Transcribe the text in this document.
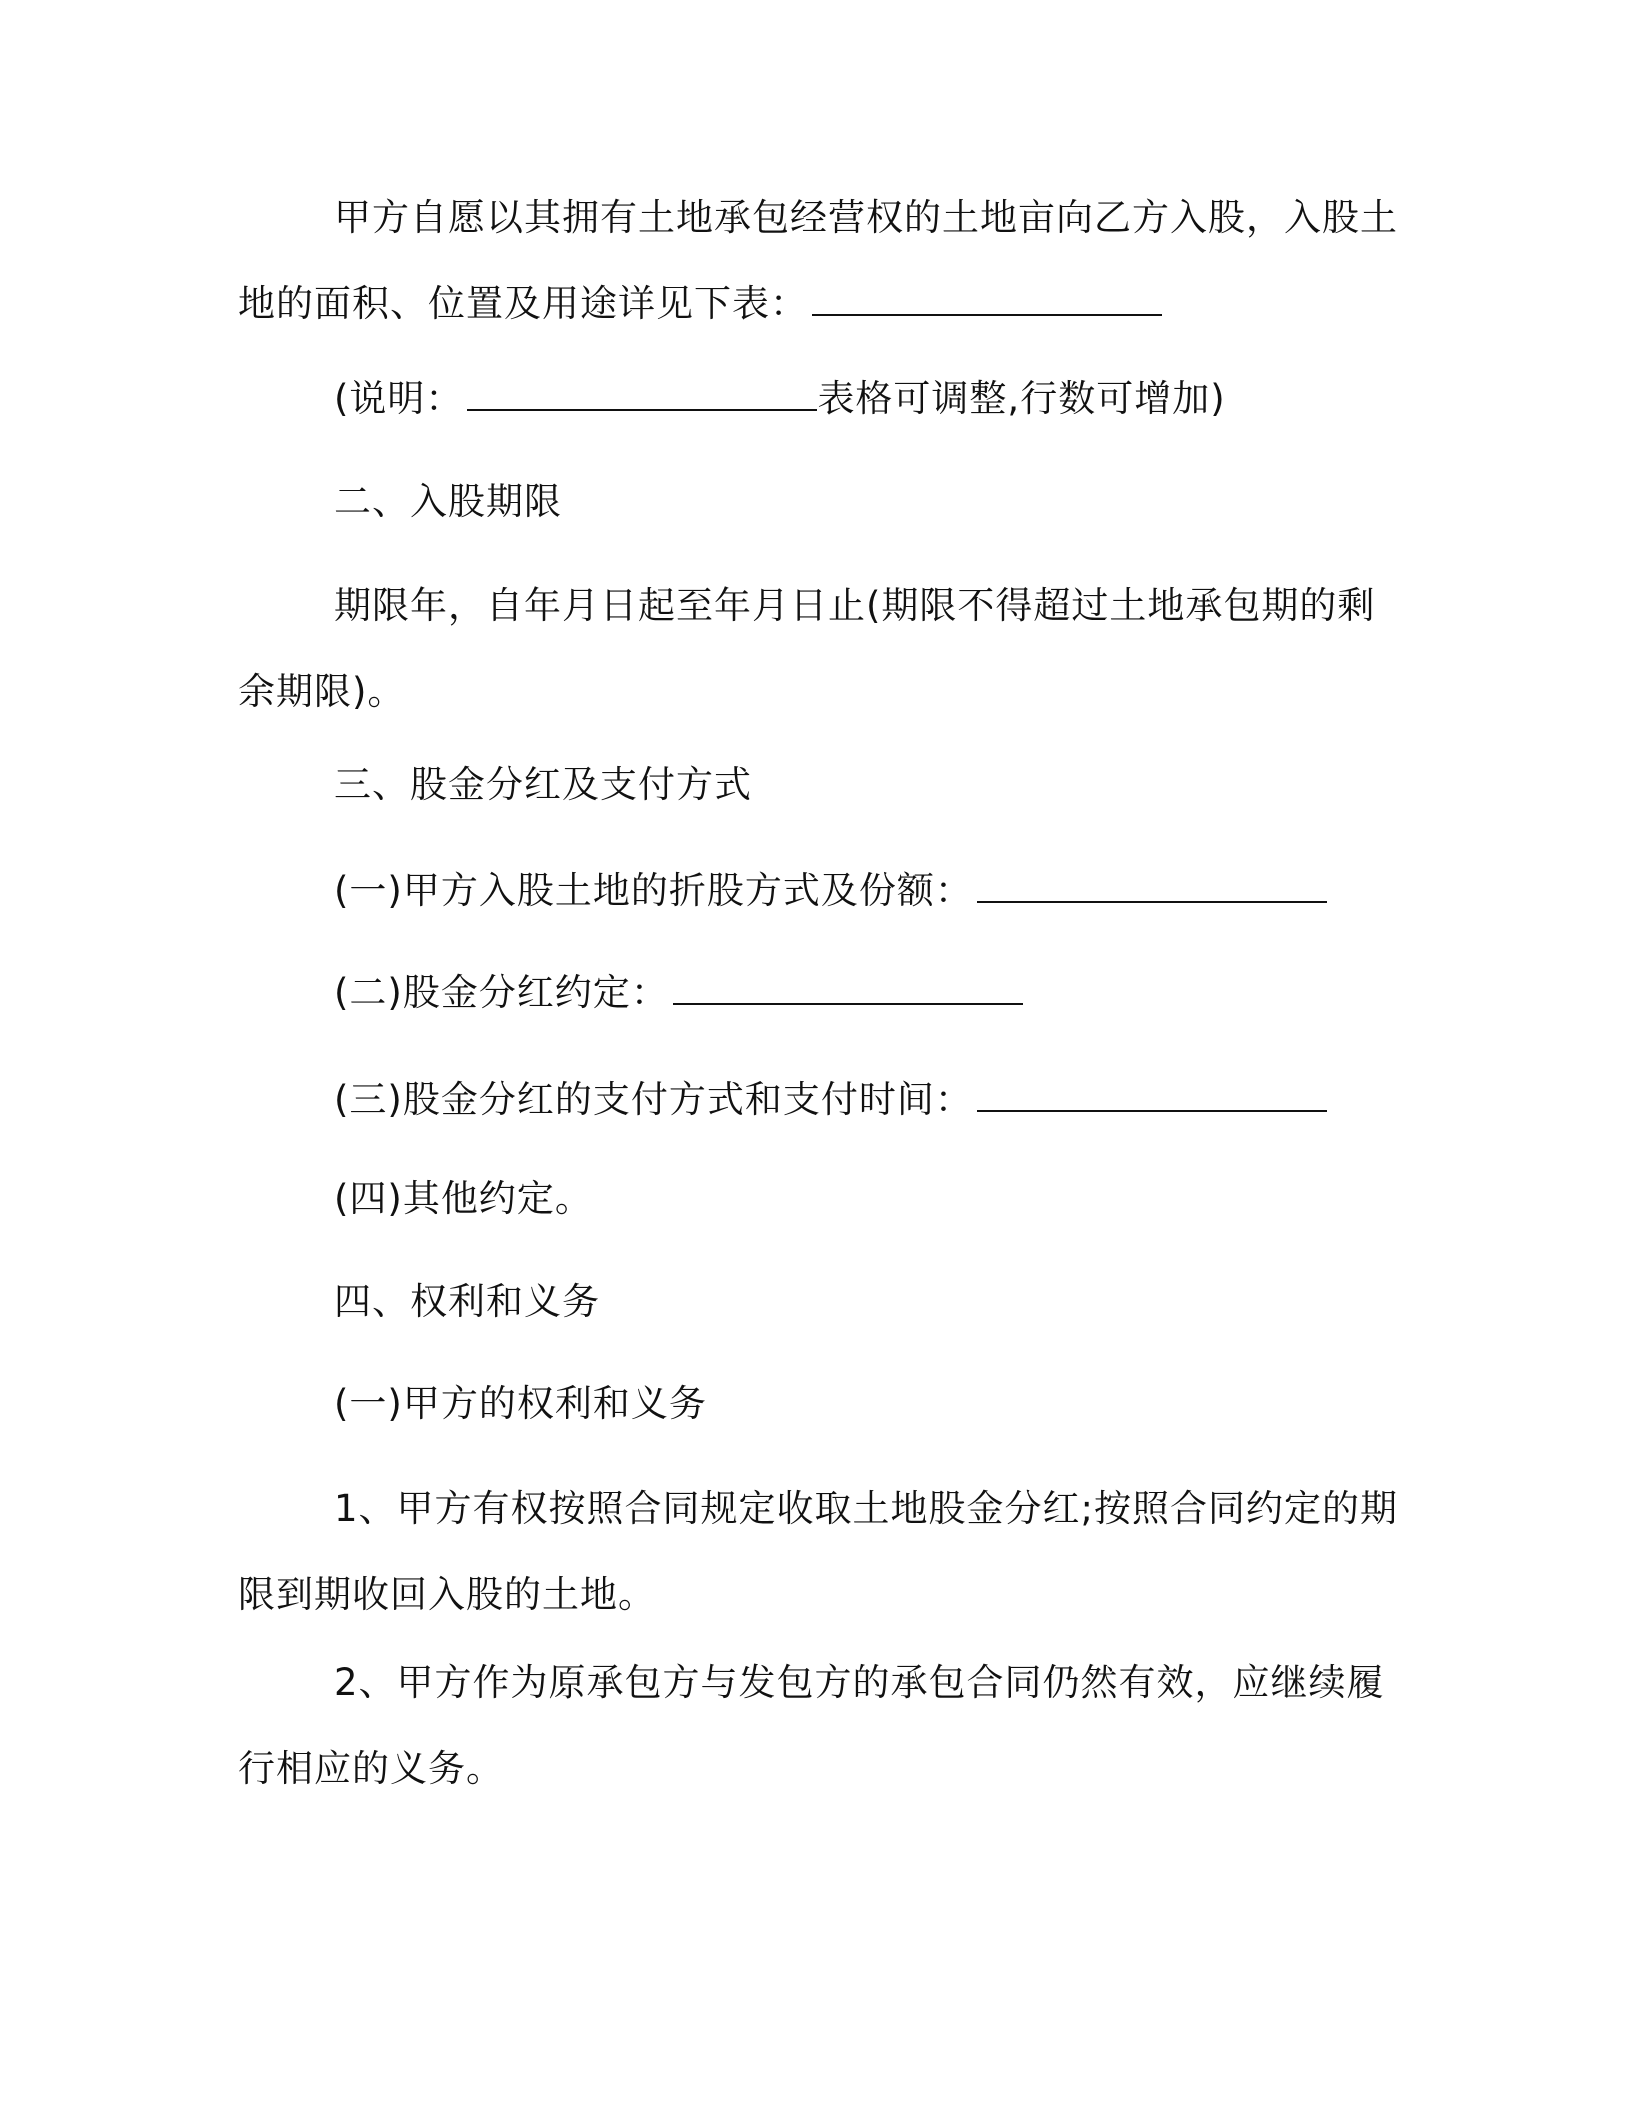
甲方自愿以其拥有土地承包经营权的土地亩向乙方入股，入股土地的面积、位置及用途详见下表：

(说明：	表格可调整,行数可增加)

二、入股期限

期限年，自年月日起至年月日止(期限不得超过土地承包期的剩余期限)。

三、股金分红及支付方式

(一)甲方入股土地的折股方式及份额：

(二)股金分红约定：

(三)股金分红的支付方式和支付时间：

(四)其他约定。

四、权利和义务

(一)甲方的权利和义务

1、甲方有权按照合同规定收取土地股金分红;按照合同约定的期限到期收回入股的土地。

2、甲方作为原承包方与发包方的承包合同仍然有效，应继续履行相应的义务。
